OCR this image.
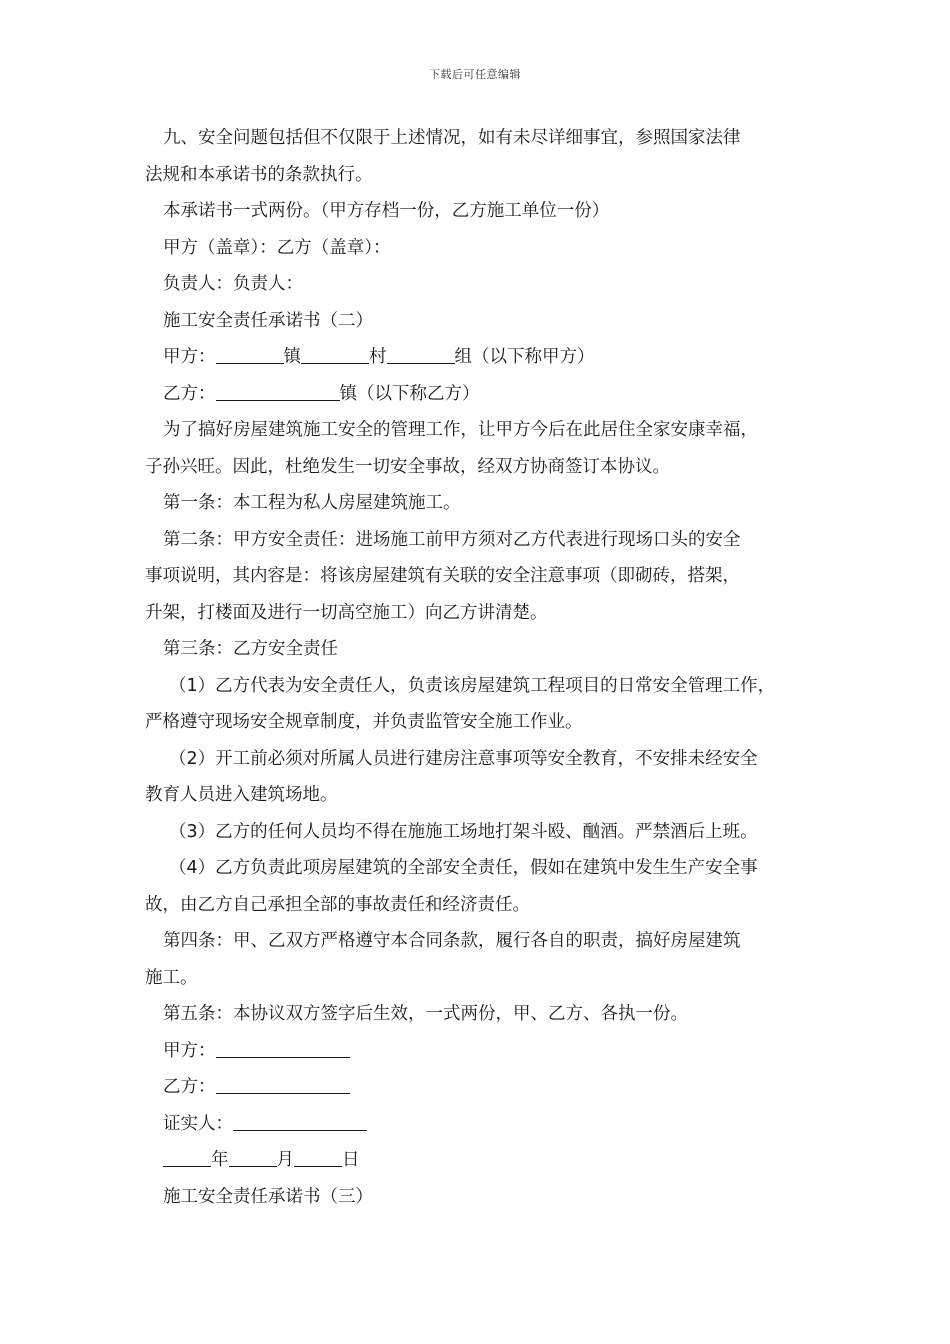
下载后可任意编辑
九、安全问题包括但不仅限于上述情况，如有未尽详细事宜，参照国家法律
法规和本承诺书的条款执行。
本承诺书一式两份。（甲方存档一份，乙方施工单位一份）
甲方（盖章）：乙方（盖章）：
负责人：负责人：
施工安全责任承诺书（二）
甲方：	镇	村	组（以下称甲方）
乙方：	镇（以下称乙方）
为了搞好房屋建筑施工安全的管理工作，让甲方今后在此居住全家安康幸福，
子孙兴旺。因此，杜绝发生一切安全事故，经双方协商签订本协议。
第一条：本工程为私人房屋建筑施工。
第二条：甲方安全责任：进场施工前甲方须对乙方代表进行现场口头的安全
事项说明，其内容是：将该房屋建筑有关联的安全注意事项（即砌砖，搭架，
升架，打楼面及进行一切高空施工）向乙方讲清楚。
第三条：乙方安全责任
（1）乙方代表为安全责任人，负责该房屋建筑工程项目的日常安全管理工作，
严格遵守现场安全规章制度，并负责监管安全施工作业。
（2）开工前必须对所属人员进行建房注意事项等安全教育，不安排未经安全
教育人员进入建筑场地。
（3）乙方的任何人员均不得在施施工场地打架斗殴、酗酒。严禁酒后上班。
（4）乙方负责此项房屋建筑的全部安全责任，假如在建筑中发生生产安全事
故，由乙方自己承担全部的事故责任和经济责任。
第四条：甲、乙双方严格遵守本合同条款，履行各自的职责，搞好房屋建筑
施工。
第五条：本协议双方签字后生效，一式两份，甲、乙方、各执一份。
甲方：
乙方：
证实人：
年	月	日
施工安全责任承诺书（三）
